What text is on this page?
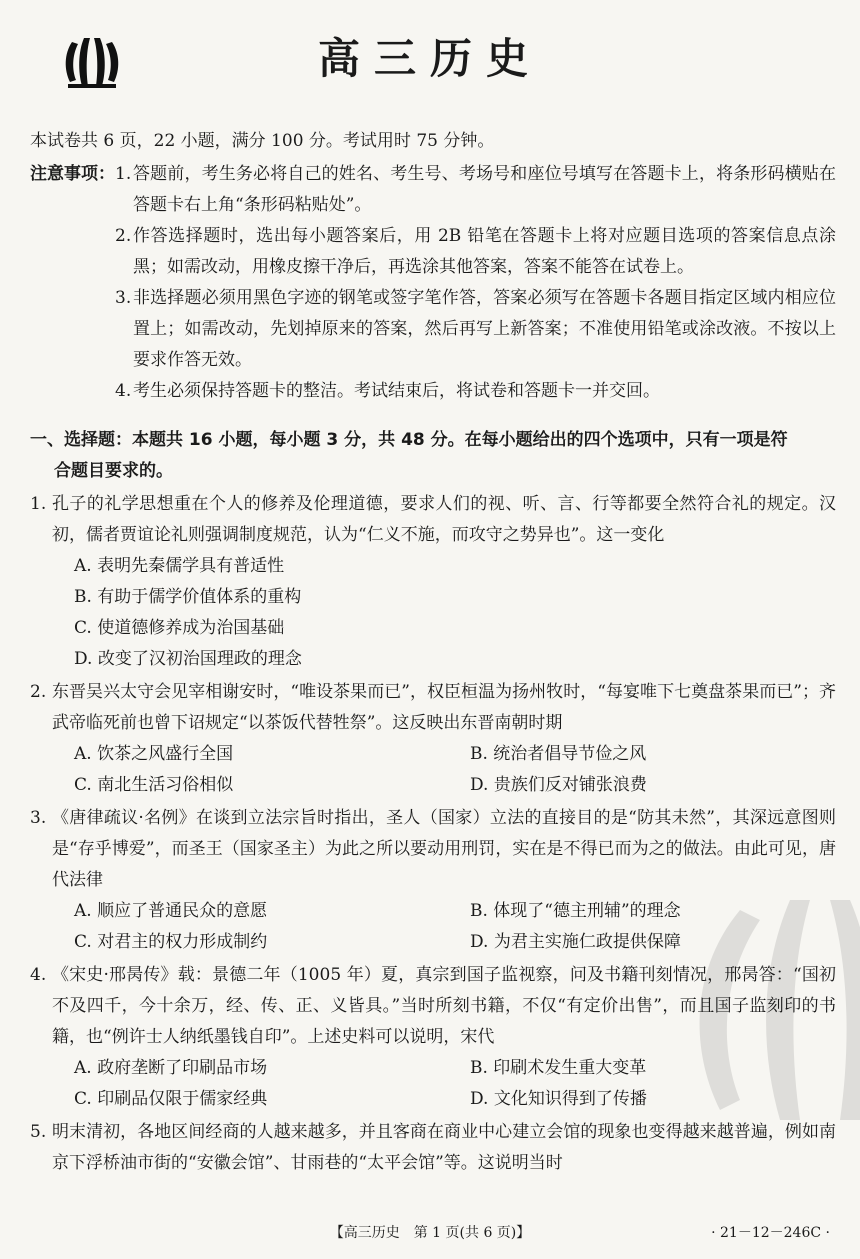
高三历史
本试卷共 6 页，22 小题，满分 100 分。考试用时 75 分钟。
注意事项： 1. 答题前，考生务必将自己的姓名、考生号、考场号和座位号填写在答题卡上，将条形码横贴在答题卡右上角“条形码粘贴处”。
2. 作答选择题时，选出每小题答案后，用 2B 铅笔在答题卡上将对应题目选项的答案信息点涂黑；如需改动，用橡皮擦干净后，再选涂其他答案，答案不能答在试卷上。
3. 非选择题必须用黑色字迹的钢笔或签字笔作答，答案必须写在答题卡各题目指定区域内相应位置上；如需改动，先划掉原来的答案，然后再写上新答案；不准使用铅笔或涂改液。不按以上要求作答无效。
4. 考生必须保持答题卡的整洁。考试结束后，将试卷和答题卡一并交回。
一、选择题：本题共 16 小题，每小题 3 分，共 48 分。在每小题给出的四个选项中，只有一项是符
合题目要求的。
1. 孔子的礼学思想重在个人的修养及伦理道德，要求人们的视、听、言、行等都要全然符合礼的规定。汉初，儒者贾谊论礼则强调制度规范，认为“仁义不施，而攻守之势异也”。这一变化
A. 表明先秦儒学具有普适性
B. 有助于儒学价值体系的重构
C. 使道德修养成为治国基础
D. 改变了汉初治国理政的理念
2. 东晋吴兴太守会见宰相谢安时，“唯设茶果而已”，权臣桓温为扬州牧时，“每宴唯下七奠盘茶果而已”；齐武帝临死前也曾下诏规定“以茶饭代替牲祭”。这反映出东晋南朝时期
A. 饮茶之风盛行全国	B. 统治者倡导节俭之风
C. 南北生活习俗相似	D. 贵族们反对铺张浪费
3. 《唐律疏议·名例》在谈到立法宗旨时指出，圣人（国家）立法的直接目的是“防其未然”，其深远意图则是“存乎博爱”，而圣王（国家圣主）为此之所以要动用刑罚，实在是不得已而为之的做法。由此可见，唐代法律
A. 顺应了普通民众的意愿	B. 体现了“德主刑辅”的理念
C. 对君主的权力形成制约	D. 为君主实施仁政提供保障
4. 《宋史·邢昺传》载：景德二年（1005 年）夏，真宗到国子监视察，问及书籍刊刻情况，邢昺答：“国初不及四千，今十余万，经、传、正、义皆具。”当时所刻书籍，不仅“有定价出售”，而且国子监刻印的书籍，也“例许士人纳纸墨钱自印”。上述史料可以说明，宋代
A. 政府垄断了印刷品市场	B. 印刷术发生重大变革
C. 印刷品仅限于儒家经典	D. 文化知识得到了传播
5. 明末清初，各地区间经商的人越来越多，并且客商在商业中心建立会馆的现象也变得越来越普遍，例如南京下浮桥油市街的“安徽会馆”、甘雨巷的“太平会馆”等。这说明当时
【高三历史　第 1 页(共 6 页)】	· 21－12－246C ·
